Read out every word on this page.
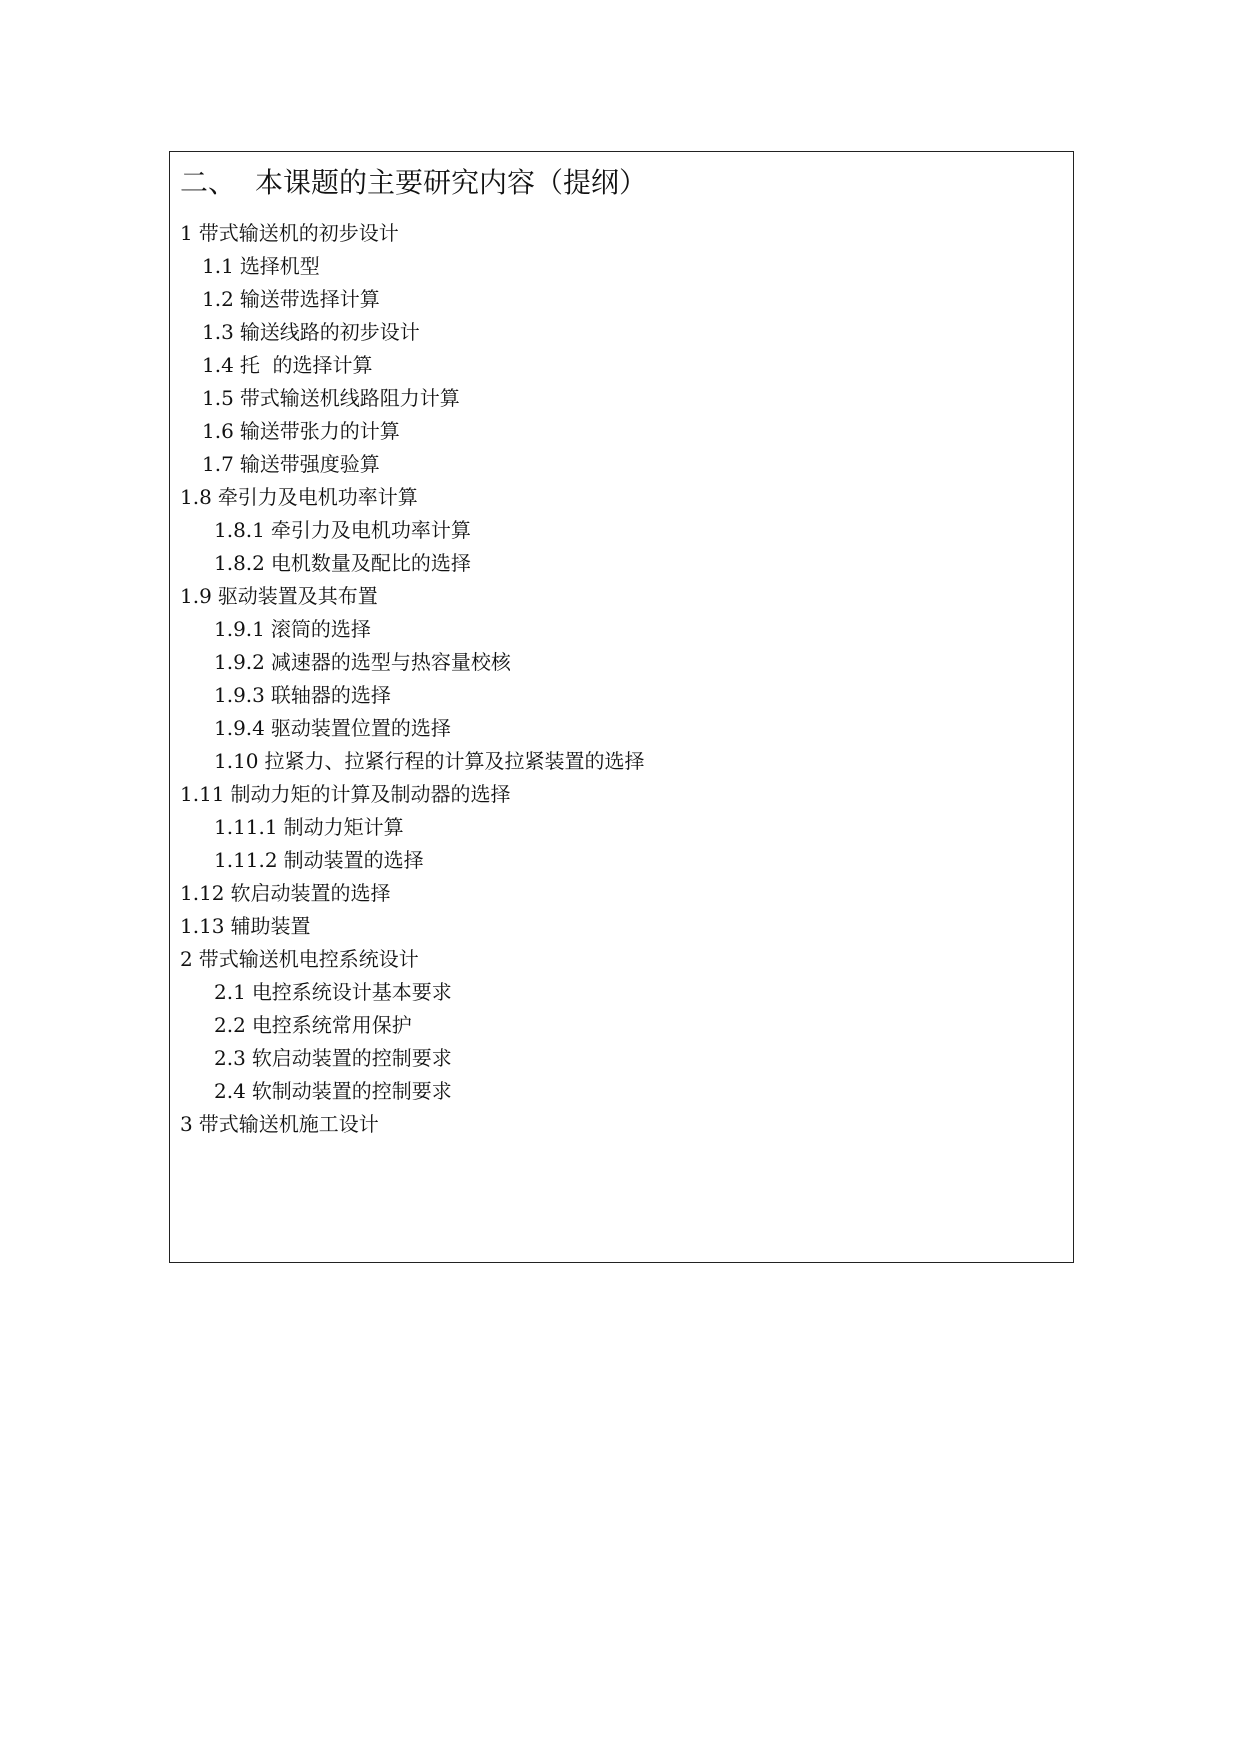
二、 本课题的主要研究内容（提纲）
1 带式输送机的初步设计
1.1 选择机型
1.2 输送带选择计算
1.3 输送线路的初步设计
1.4 托  的选择计算
1.5 带式输送机线路阻力计算
1.6 输送带张力的计算
1.7 输送带强度验算
1.8 牵引力及电机功率计算
1.8.1 牵引力及电机功率计算
1.8.2 电机数量及配比的选择
1.9 驱动装置及其布置
1.9.1 滚筒的选择
1.9.2 减速器的选型与热容量校核
1.9.3 联轴器的选择
1.9.4 驱动装置位置的选择
1.10 拉紧力、拉紧行程的计算及拉紧装置的选择
1.11 制动力矩的计算及制动器的选择
1.11.1 制动力矩计算
1.11.2 制动装置的选择
1.12 软启动装置的选择
1.13 辅助装置
2 带式输送机电控系统设计
2.1 电控系统设计基本要求
2.2 电控系统常用保护
2.3 软启动装置的控制要求
2.4 软制动装置的控制要求
3 带式输送机施工设计
